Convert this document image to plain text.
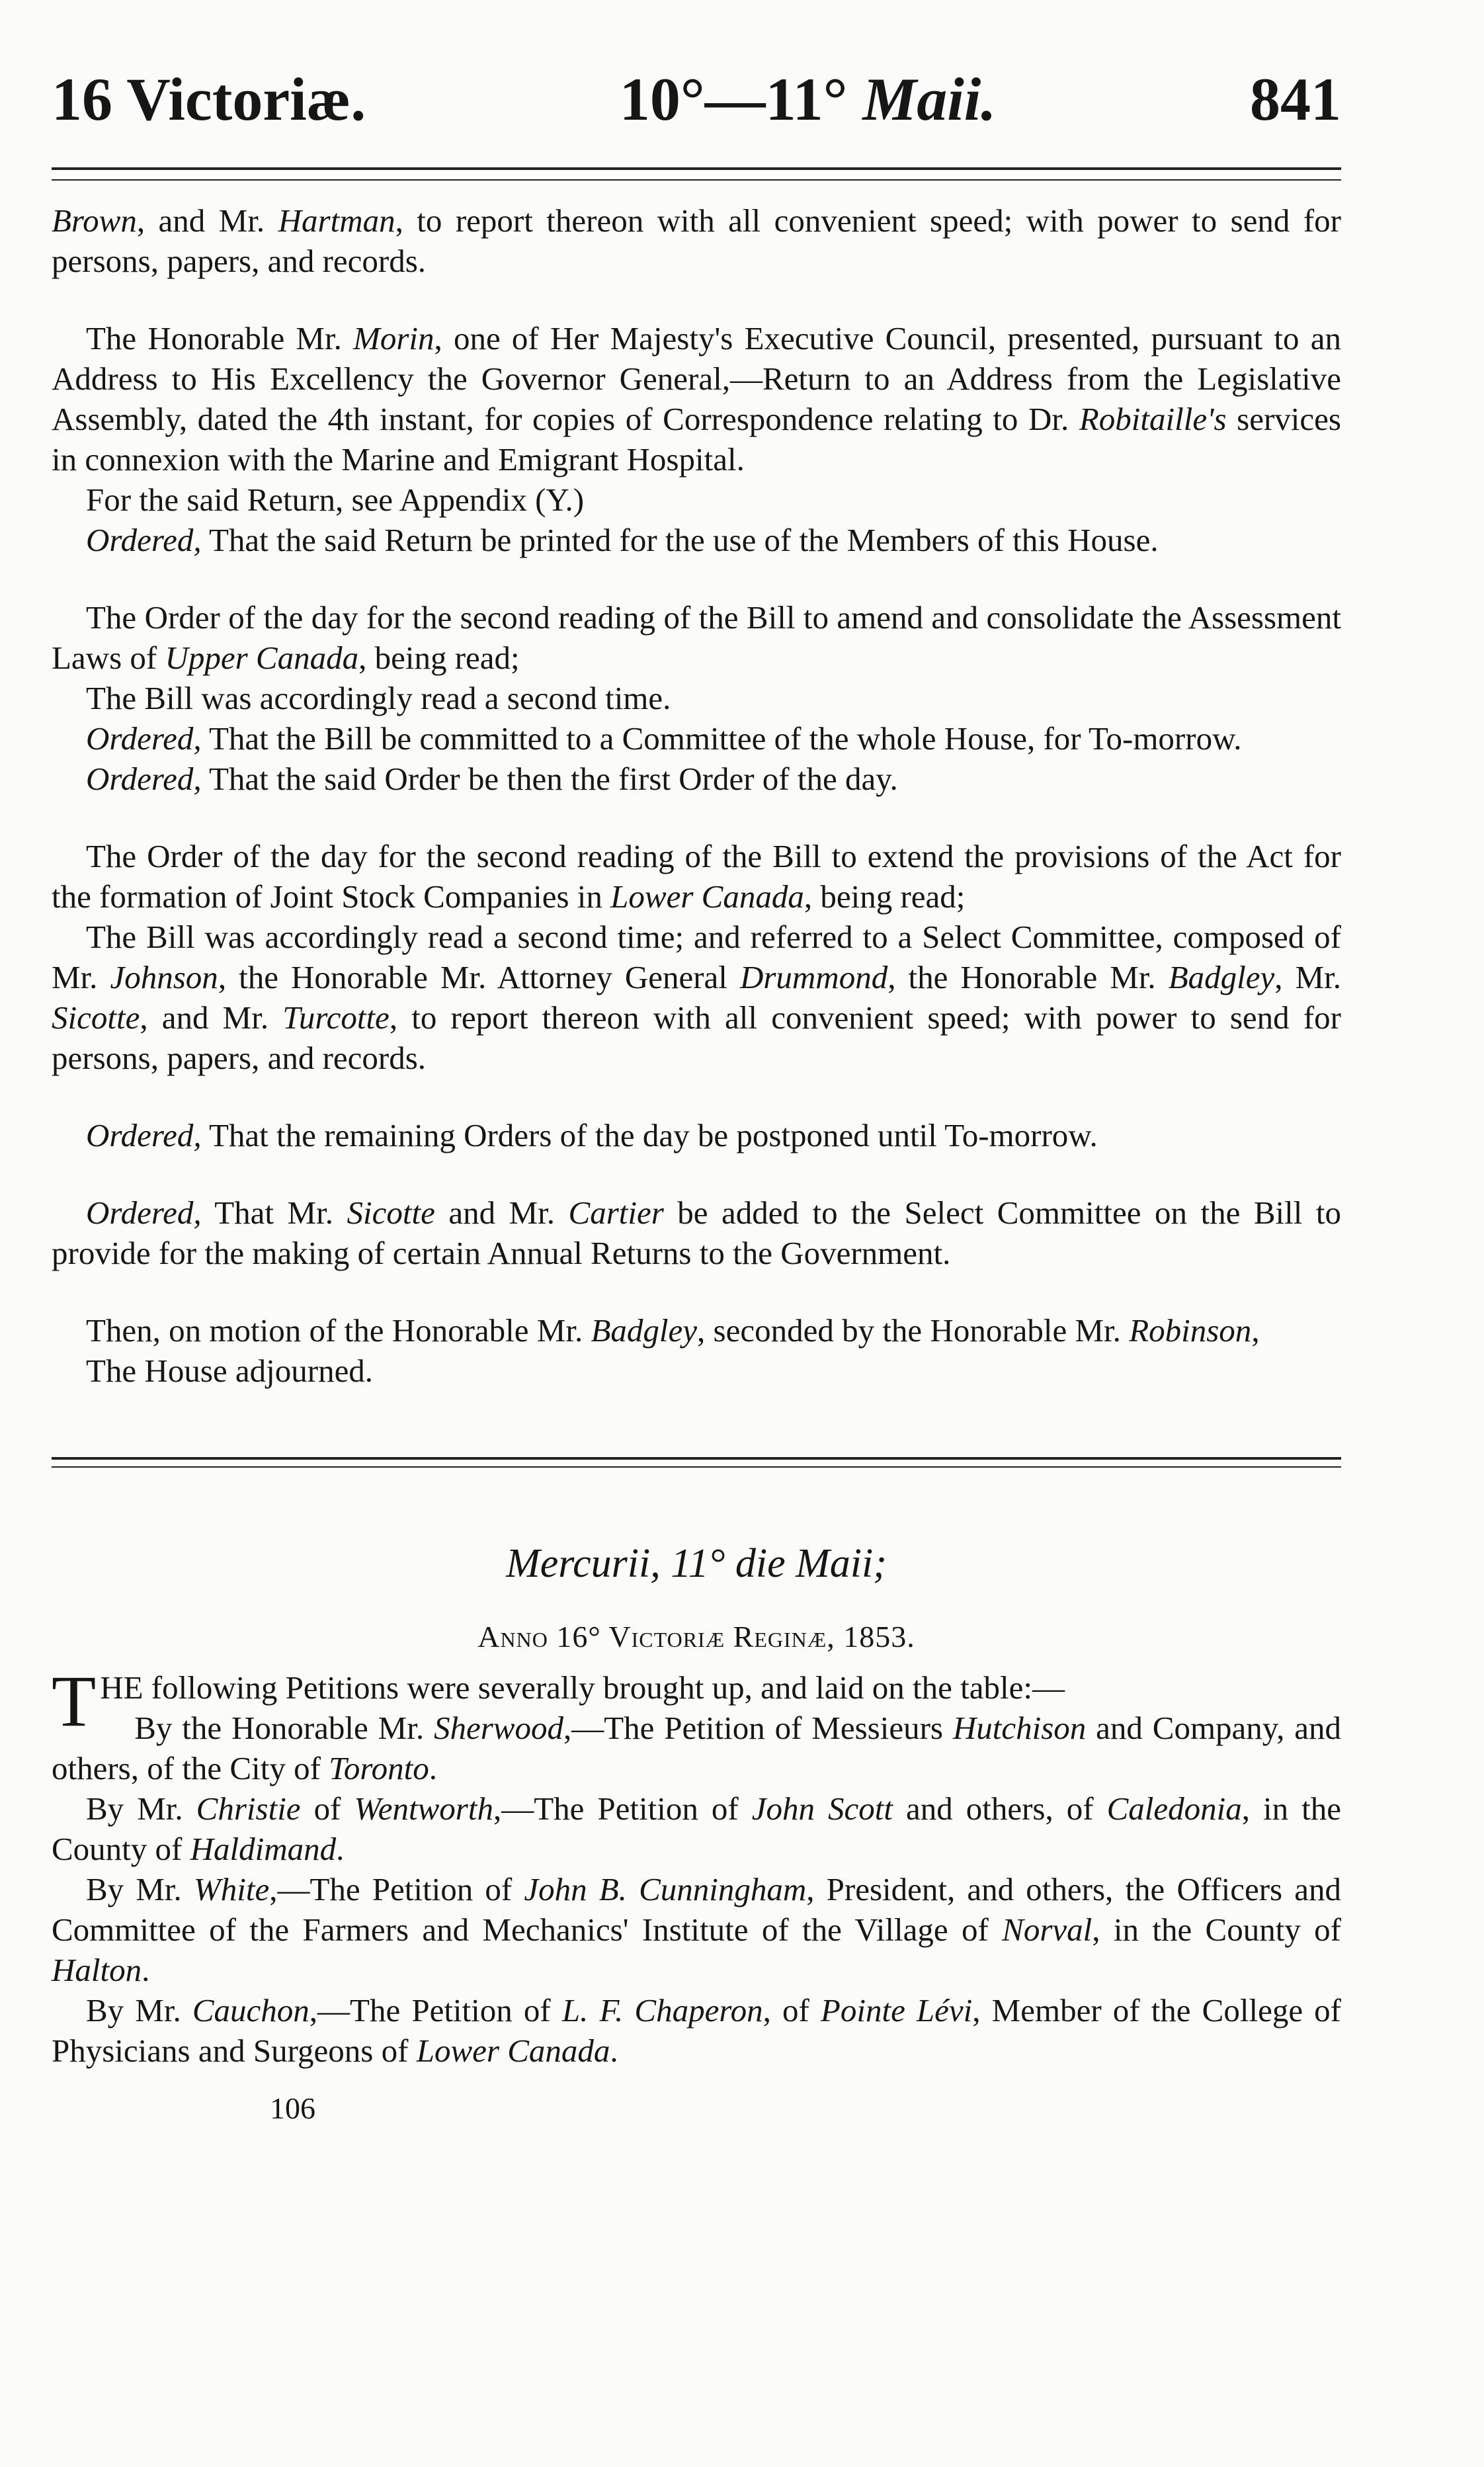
16 Victoriæ.	10°—11° Maii.	841

Brown, and Mr. Hartman, to report thereon with all convenient speed; with power to send for persons, papers, and records.

The Honorable Mr. Morin, one of Her Majesty's Executive Council, presented, pursuant to an Address to His Excellency the Governor General,—Return to an Address from the Legislative Assembly, dated the 4th instant, for copies of Correspondence relating to Dr. Robitaille's services in connexion with the Marine and Emigrant Hospital.

For the said Return, see Appendix (Y.)

Ordered, That the said Return be printed for the use of the Members of this House.

The Order of the day for the second reading of the Bill to amend and consolidate the Assessment Laws of Upper Canada, being read;

The Bill was accordingly read a second time.

Ordered, That the Bill be committed to a Committee of the whole House, for To-morrow.

Ordered, That the said Order be then the first Order of the day.

The Order of the day for the second reading of the Bill to extend the provisions of the Act for the formation of Joint Stock Companies in Lower Canada, being read;

The Bill was accordingly read a second time; and referred to a Select Committee, composed of Mr. Johnson, the Honorable Mr. Attorney General Drummond, the Honorable Mr. Badgley, Mr. Sicotte, and Mr. Turcotte, to report thereon with all convenient speed; with power to send for persons, papers, and records.

Ordered, That the remaining Orders of the day be postponed until To-morrow.

Ordered, That Mr. Sicotte and Mr. Cartier be added to the Select Committee on the Bill to provide for the making of certain Annual Returns to the Government.

Then, on motion of the Honorable Mr. Badgley, seconded by the Honorable Mr. Robinson,

The House adjourned.

Mercurii, 11° die Maii;
Anno 16° Victoriæ Reginæ, 1853.

THE following Petitions were severally brought up, and laid on the table:—

By the Honorable Mr. Sherwood,—The Petition of Messieurs Hutchison and Company, and others, of the City of Toronto.

By Mr. Christie of Wentworth,—The Petition of John Scott and others, of Caledonia, in the County of Haldimand.

By Mr. White,—The Petition of John B. Cunningham, President, and others, the Officers and Committee of the Farmers and Mechanics' Institute of the Village of Norval, in the County of Halton.

By Mr. Cauchon,—The Petition of L. F. Chaperon, of Pointe Lévi, Member of the College of Physicians and Surgeons of Lower Canada.

106
